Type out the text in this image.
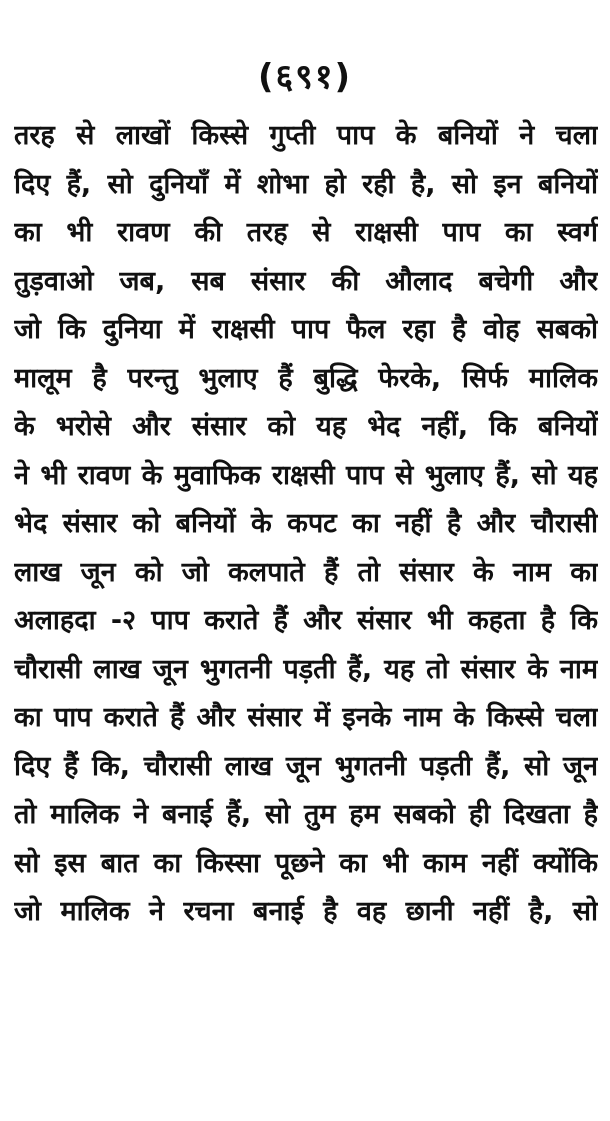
(६९१)
तरह से लाखों किस्से गुप्ती पाप के बनियों ने चला
दिए हैं, सो दुनियाँ में शोभा हो रही है, सो इन बनियों
का भी रावण की तरह से राक्षसी पाप का स्वर्ग
तुड़वाओ जब, सब संसार की औलाद बचेगी और
जो कि दुनिया में राक्षसी पाप फैल रहा है वोह सबको
मालूम है परन्तु भुलाए हैं बुद्धि फेरके, सिर्फ मालिक
के भरोसे और संसार को यह भेद नहीं, कि बनियों
ने भी रावण के मुवाफिक राक्षसी पाप से भुलाए हैं, सो यह
भेद संसार को बनियों के कपट का नहीं है और चौरासी
लाख जून को जो कलपाते हैं तो संसार के नाम का
अलाहदा -२ पाप कराते हैं और संसार भी कहता है कि
चौरासी लाख जून भुगतनी पड़ती हैं, यह तो संसार के नाम
का पाप कराते हैं और संसार में इनके नाम के किस्से चला
दिए हैं कि, चौरासी लाख जून भुगतनी पड़ती हैं, सो जून
तो मालिक ने बनाई हैं, सो तुम हम सबको ही दिखता है
सो इस बात का किस्सा पूछने का भी काम नहीं क्योंकि
जो मालिक ने रचना बनाई है वह छानी नहीं है, सो
